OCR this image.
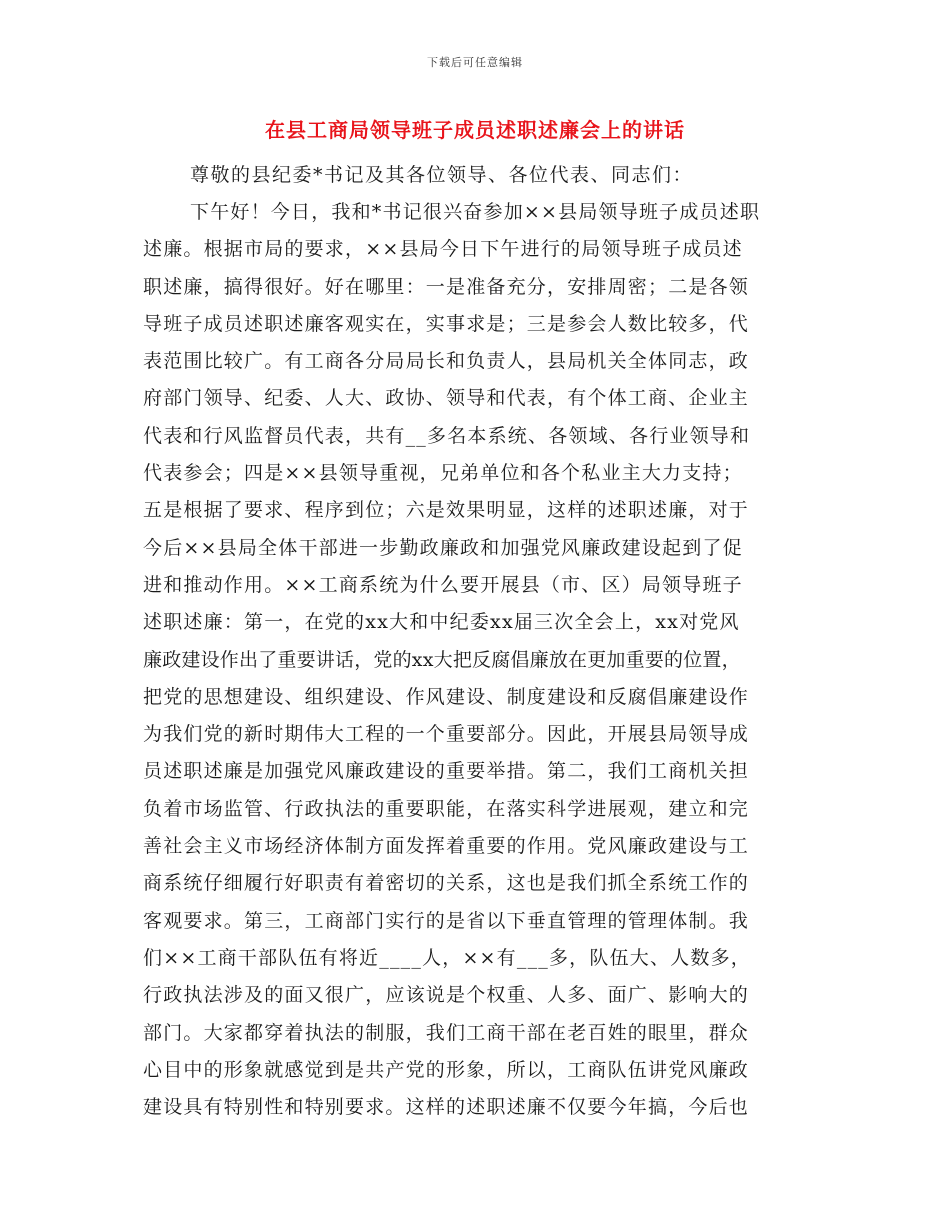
下载后可任意编辑
在县工商局领导班子成员述职述廉会上的讲话
尊敬的县纪委*书记及其各位领导、各位代表、同志们：
下午好！今日，我和*书记很兴奋参加××县局领导班子成员述职
述廉。根据市局的要求，××县局今日下午进行的局领导班子成员述
职述廉，搞得很好。好在哪里：一是准备充分，安排周密；二是各领
导班子成员述职述廉客观实在，实事求是；三是参会人数比较多，代
表范围比较广。有工商各分局局长和负责人，县局机关全体同志，政
府部门领导、纪委、人大、政协、领导和代表，有个体工商、企业主
代表和行风监督员代表，共有__多名本系统、各领域、各行业领导和
代表参会；四是××县领导重视，兄弟单位和各个私业主大力支持；
五是根据了要求、程序到位；六是效果明显，这样的述职述廉，对于
今后××县局全体干部进一步勤政廉政和加强党风廉政建设起到了促
进和推动作用。××工商系统为什么要开展县（市、区）局领导班子
述职述廉：第一，在党的xx大和中纪委xx届三次全会上，xx对党风
廉政建设作出了重要讲话，党的xx大把反腐倡廉放在更加重要的位置，
把党的思想建设、组织建设、作风建设、制度建设和反腐倡廉建设作
为我们党的新时期伟大工程的一个重要部分。因此，开展县局领导成
员述职述廉是加强党风廉政建设的重要举措。第二，我们工商机关担
负着市场监管、行政执法的重要职能，在落实科学进展观，建立和完
善社会主义市场经济体制方面发挥着重要的作用。党风廉政建设与工
商系统仔细履行好职责有着密切的关系，这也是我们抓全系统工作的
客观要求。第三，工商部门实行的是省以下垂直管理的管理体制。我
们××工商干部队伍有将近____人，××有___多，队伍大、人数多，
行政执法涉及的面又很广，应该说是个权重、人多、面广、影响大的
部门。大家都穿着执法的制服，我们工商干部在老百姓的眼里，群众
心目中的形象就感觉到是共产党的形象，所以，工商队伍讲党风廉政
建设具有特别性和特别要求。这样的述职述廉不仅要今年搞，今后也
